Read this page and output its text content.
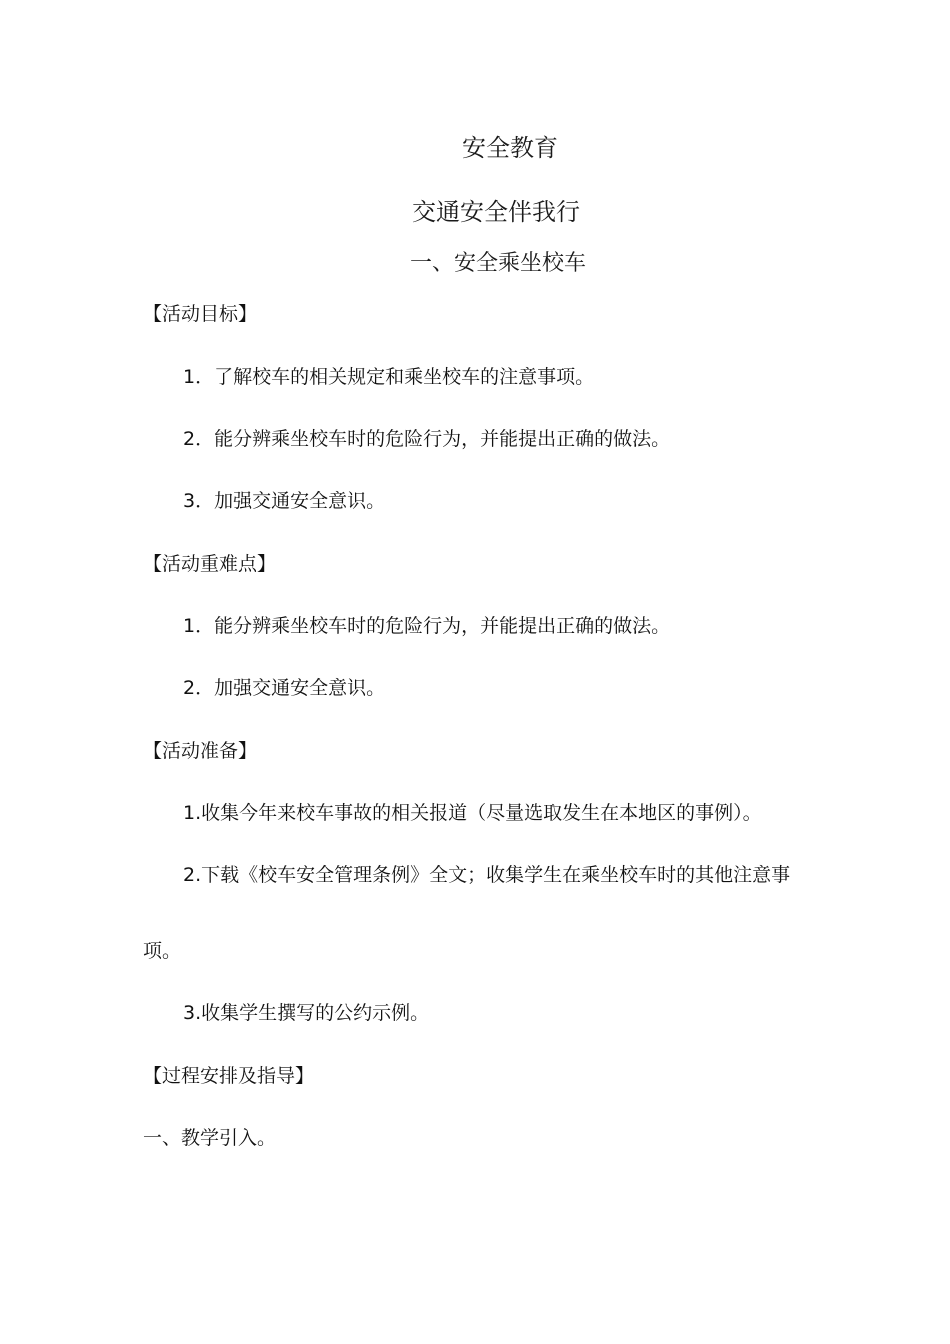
安全教育
交通安全伴我行
一、安全乘坐校车
【活动目标】
1．了解校车的相关规定和乘坐校车的注意事项。
2．能分辨乘坐校车时的危险行为，并能提出正确的做法。
3．加强交通安全意识。
【活动重难点】
1．能分辨乘坐校车时的危险行为，并能提出正确的做法。
2．加强交通安全意识。
【活动准备】
1.收集今年来校车事故的相关报道（尽量选取发生在本地区的事例）。
2.下载《校车安全管理条例》全文；收集学生在乘坐校车时的其他注意事
项。
3.收集学生撰写的公约示例。
【过程安排及指导】
一、教学引入。
